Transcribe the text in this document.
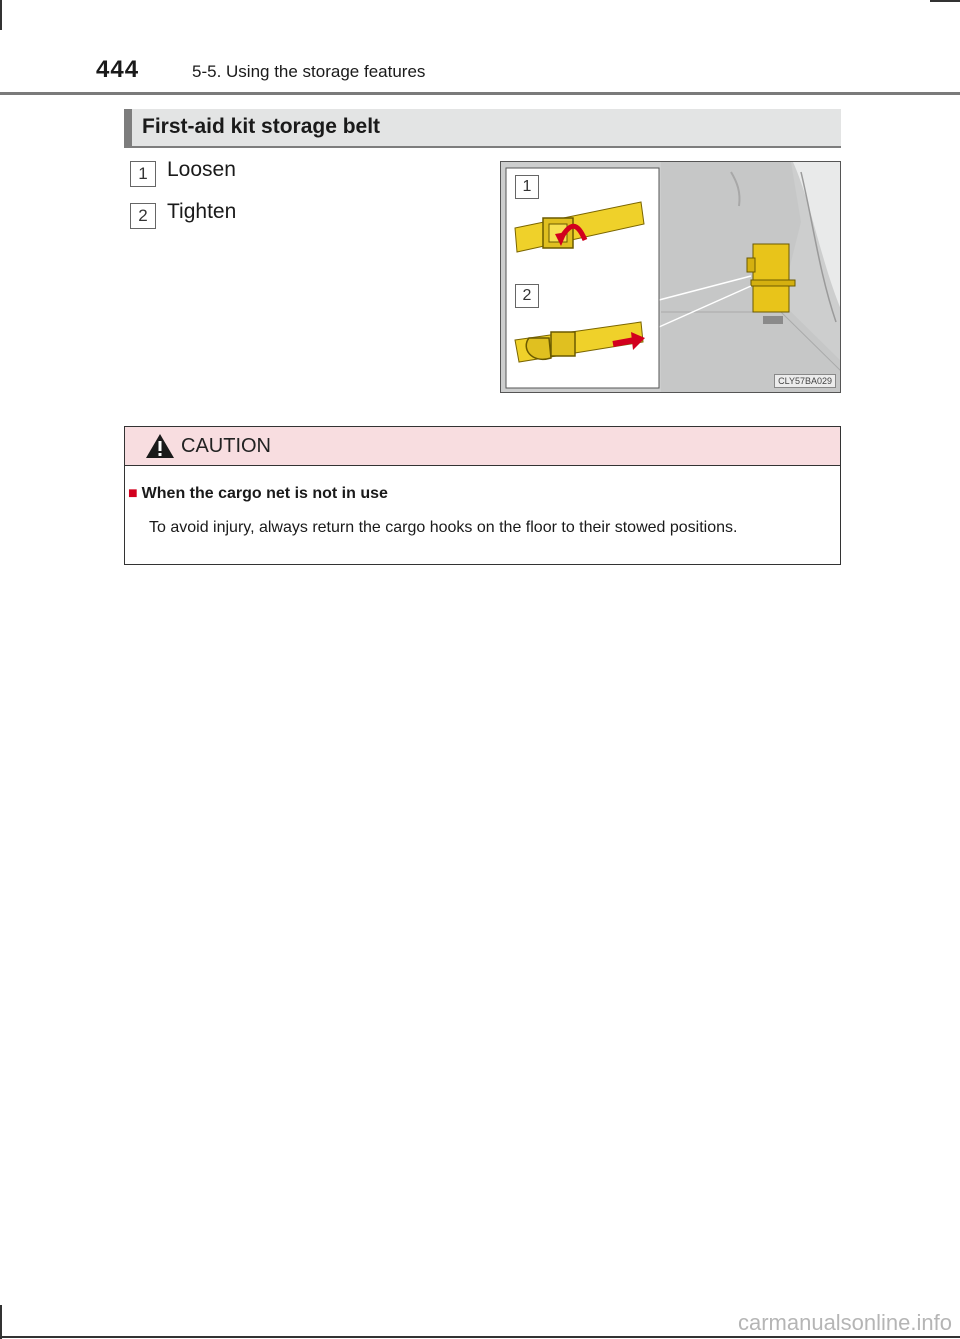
444	5-5. Using the storage features
First-aid kit storage belt
1 Loosen
2 Tighten
1
2
CLY57BA029
CAUTION
■ When the cargo net is not in use
To avoid injury, always return the cargo hooks on the floor to their stowed positions.
carmanualsonline.info
